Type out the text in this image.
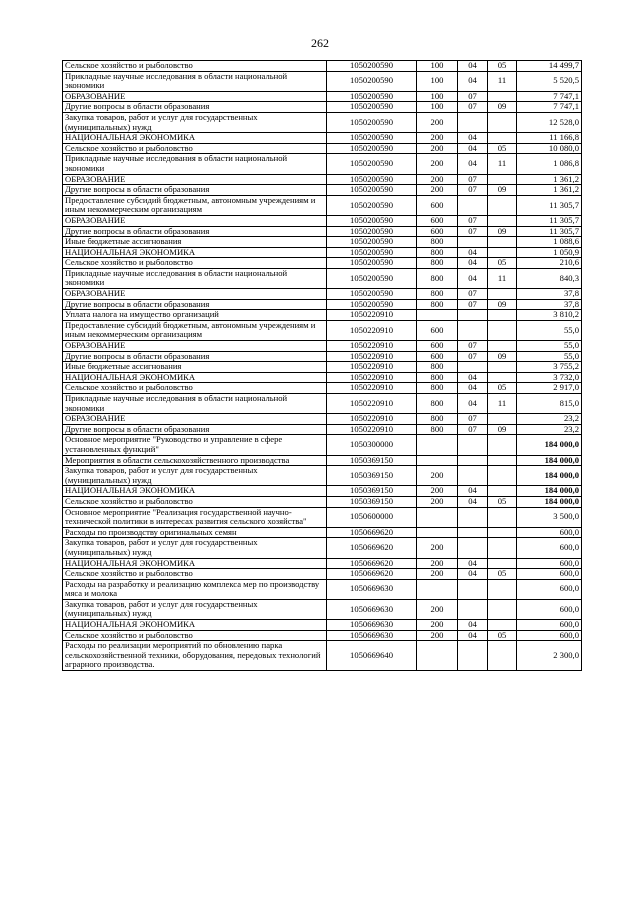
262
Сельское хозяйство и рыболовство	1050200590	100	04	05	14 499,7
Прикладные научные исследования в области национальной экономики	1050200590	100	04	11	5 520,5
ОБРАЗОВАНИЕ	1050200590	100	07		7 747,1
Другие вопросы в области образования	1050200590	100	07	09	7 747,1
Закупка товаров, работ и услуг для государственных (муниципальных) нужд	1050200590	200			12 528,0
НАЦИОНАЛЬНАЯ ЭКОНОМИКА	1050200590	200	04		11 166,8
Сельское хозяйство и рыболовство	1050200590	200	04	05	10 080,0
Прикладные научные исследования в области национальной экономики	1050200590	200	04	11	1 086,8
ОБРАЗОВАНИЕ	1050200590	200	07		1 361,2
Другие вопросы в области образования	1050200590	200	07	09	1 361,2
Предоставление субсидий бюджетным, автономным учреждениям и иным некоммерческим организациям	1050200590	600			11 305,7
ОБРАЗОВАНИЕ	1050200590	600	07		11 305,7
Другие вопросы в области образования	1050200590	600	07	09	11 305,7
Иные бюджетные ассигнования	1050200590	800			1 088,6
НАЦИОНАЛЬНАЯ ЭКОНОМИКА	1050200590	800	04		1 050,9
Сельское хозяйство и рыболовство	1050200590	800	04	05	210,6
Прикладные научные исследования в области национальной экономики	1050200590	800	04	11	840,3
ОБРАЗОВАНИЕ	1050200590	800	07		37,8
Другие вопросы в области образования	1050200590	800	07	09	37,8
Уплата налога на имущество организаций	1050220910				3 810,2
Предоставление субсидий бюджетным, автономным учреждениям и иным некоммерческим организациям	1050220910	600			55,0
ОБРАЗОВАНИЕ	1050220910	600	07		55,0
Другие вопросы в области образования	1050220910	600	07	09	55,0
Иные бюджетные ассигнования	1050220910	800			3 755,2
НАЦИОНАЛЬНАЯ ЭКОНОМИКА	1050220910	800	04		3 732,0
Сельское хозяйство и рыболовство	1050220910	800	04	05	2 917,0
Прикладные научные исследования в области национальной экономики	1050220910	800	04	11	815,0
ОБРАЗОВАНИЕ	1050220910	800	07		23,2
Другие вопросы в области образования	1050220910	800	07	09	23,2
Основное мероприятие "Руководство и управление в сфере установленных функций"	1050300000				184 000,0
Мероприятия в области сельскохозяйственного производства	1050369150				184 000,0
Закупка товаров, работ и услуг для государственных (муниципальных) нужд	1050369150	200			184 000,0
НАЦИОНАЛЬНАЯ ЭКОНОМИКА	1050369150	200	04		184 000,0
Сельское хозяйство и рыболовство	1050369150	200	04	05	184 000,0
Основное мероприятие "Реализация государственной научно-технической политики в интересах развития сельского хозяйства"	1050600000				3 500,0
Расходы по производству оригинальных семян	1050669620				600,0
Закупка товаров, работ и услуг для государственных (муниципальных) нужд	1050669620	200			600,0
НАЦИОНАЛЬНАЯ ЭКОНОМИКА	1050669620	200	04		600,0
Сельское хозяйство и рыболовство	1050669620	200	04	05	600,0
Расходы на разработку и реализацию комплекса мер по производству мяса и молока	1050669630				600,0
Закупка товаров, работ и услуг для государственных (муниципальных) нужд	1050669630	200			600,0
НАЦИОНАЛЬНАЯ ЭКОНОМИКА	1050669630	200	04		600,0
Сельское хозяйство и рыболовство	1050669630	200	04	05	600,0
Расходы по реализации мероприятий по обновлению парка сельскохозяйственной техники, оборудования, передовых технологий аграрного производства.	1050669640				2 300,0
